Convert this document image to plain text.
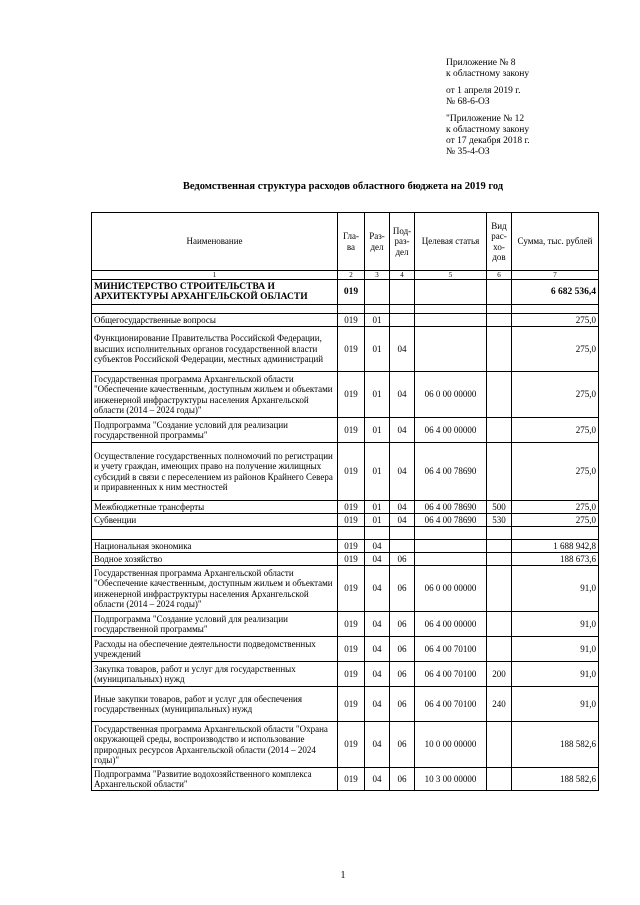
Приложение № 8
к областному закону
от 1 апреля 2019 г.
№ 68-6-ОЗ
"Приложение № 12
к областному закону
от 17 декабря 2018 г.
№ 35-4-ОЗ
Ведомственная структура расходов областного бюджета на 2019 год
Наименование	Гла-ва	Раз-дел	Под-раз-дел	Целевая статья	Вид рас-хо-дов	Сумма, тыс. рублей
1	2	3	4	5	6	7
МИНИСТЕРСТВО СТРОИТЕЛЬСТВА И АРХИТЕКТУРЫ АРХАНГЕЛЬСКОЙ ОБЛАСТИ	019					6 682 536,4

Общегосударственные вопросы	019	01				275,0
Функционирование Правительства Российской Федерации, высших исполнительных органов государственной власти субъектов Российской Федерации, местных администраций	019	01	04			275,0
Государственная программа Архангельской области "Обеспечение качественным, доступным жильем и объектами инженерной инфраструктуры населения Архангельской области (2014 – 2024 годы)"	019	01	04	06 0 00 00000		275,0
Подпрограмма "Создание условий для реализации государственной программы"	019	01	04	06 4 00 00000		275,0
Осуществление государственных полномочий по регистрации и учету граждан, имеющих право на получение жилищных субсидий в связи с переселением из районов Крайнего Севера и приравненных к ним местностей	019	01	04	06 4 00 78690		275,0
Межбюджетные трансферты	019	01	04	06 4 00 78690	500	275,0
Субвенции	019	01	04	06 4 00 78690	530	275,0

Национальная экономика	019	04				1 688 942,8
Водное хозяйство	019	04	06			188 673,6
Государственная программа Архангельской области "Обеспечение качественным, доступным жильем и объектами инженерной инфраструктуры населения Архангельской области (2014 – 2024 годы)"	019	04	06	06 0 00 00000		91,0
Подпрограмма "Создание условий для реализации государственной программы"	019	04	06	06 4 00 00000		91,0
Расходы на обеспечение деятельности подведомственных учреждений	019	04	06	06 4 00 70100		91,0
Закупка товаров, работ и услуг для государственных (муниципальных) нужд	019	04	06	06 4 00 70100	200	91,0
Иные закупки товаров, работ и услуг для обеспечения государственных (муниципальных) нужд	019	04	06	06 4 00 70100	240	91,0
Государственная программа Архангельской области "Охрана окружающей среды, воспроизводство и использование природных ресурсов Архангельской области (2014 – 2024 годы)"	019	04	06	10 0 00 00000		188 582,6
Подпрограмма "Развитие водохозяйственного комплекса Архангельской области"	019	04	06	10 3 00 00000		188 582,6
1
